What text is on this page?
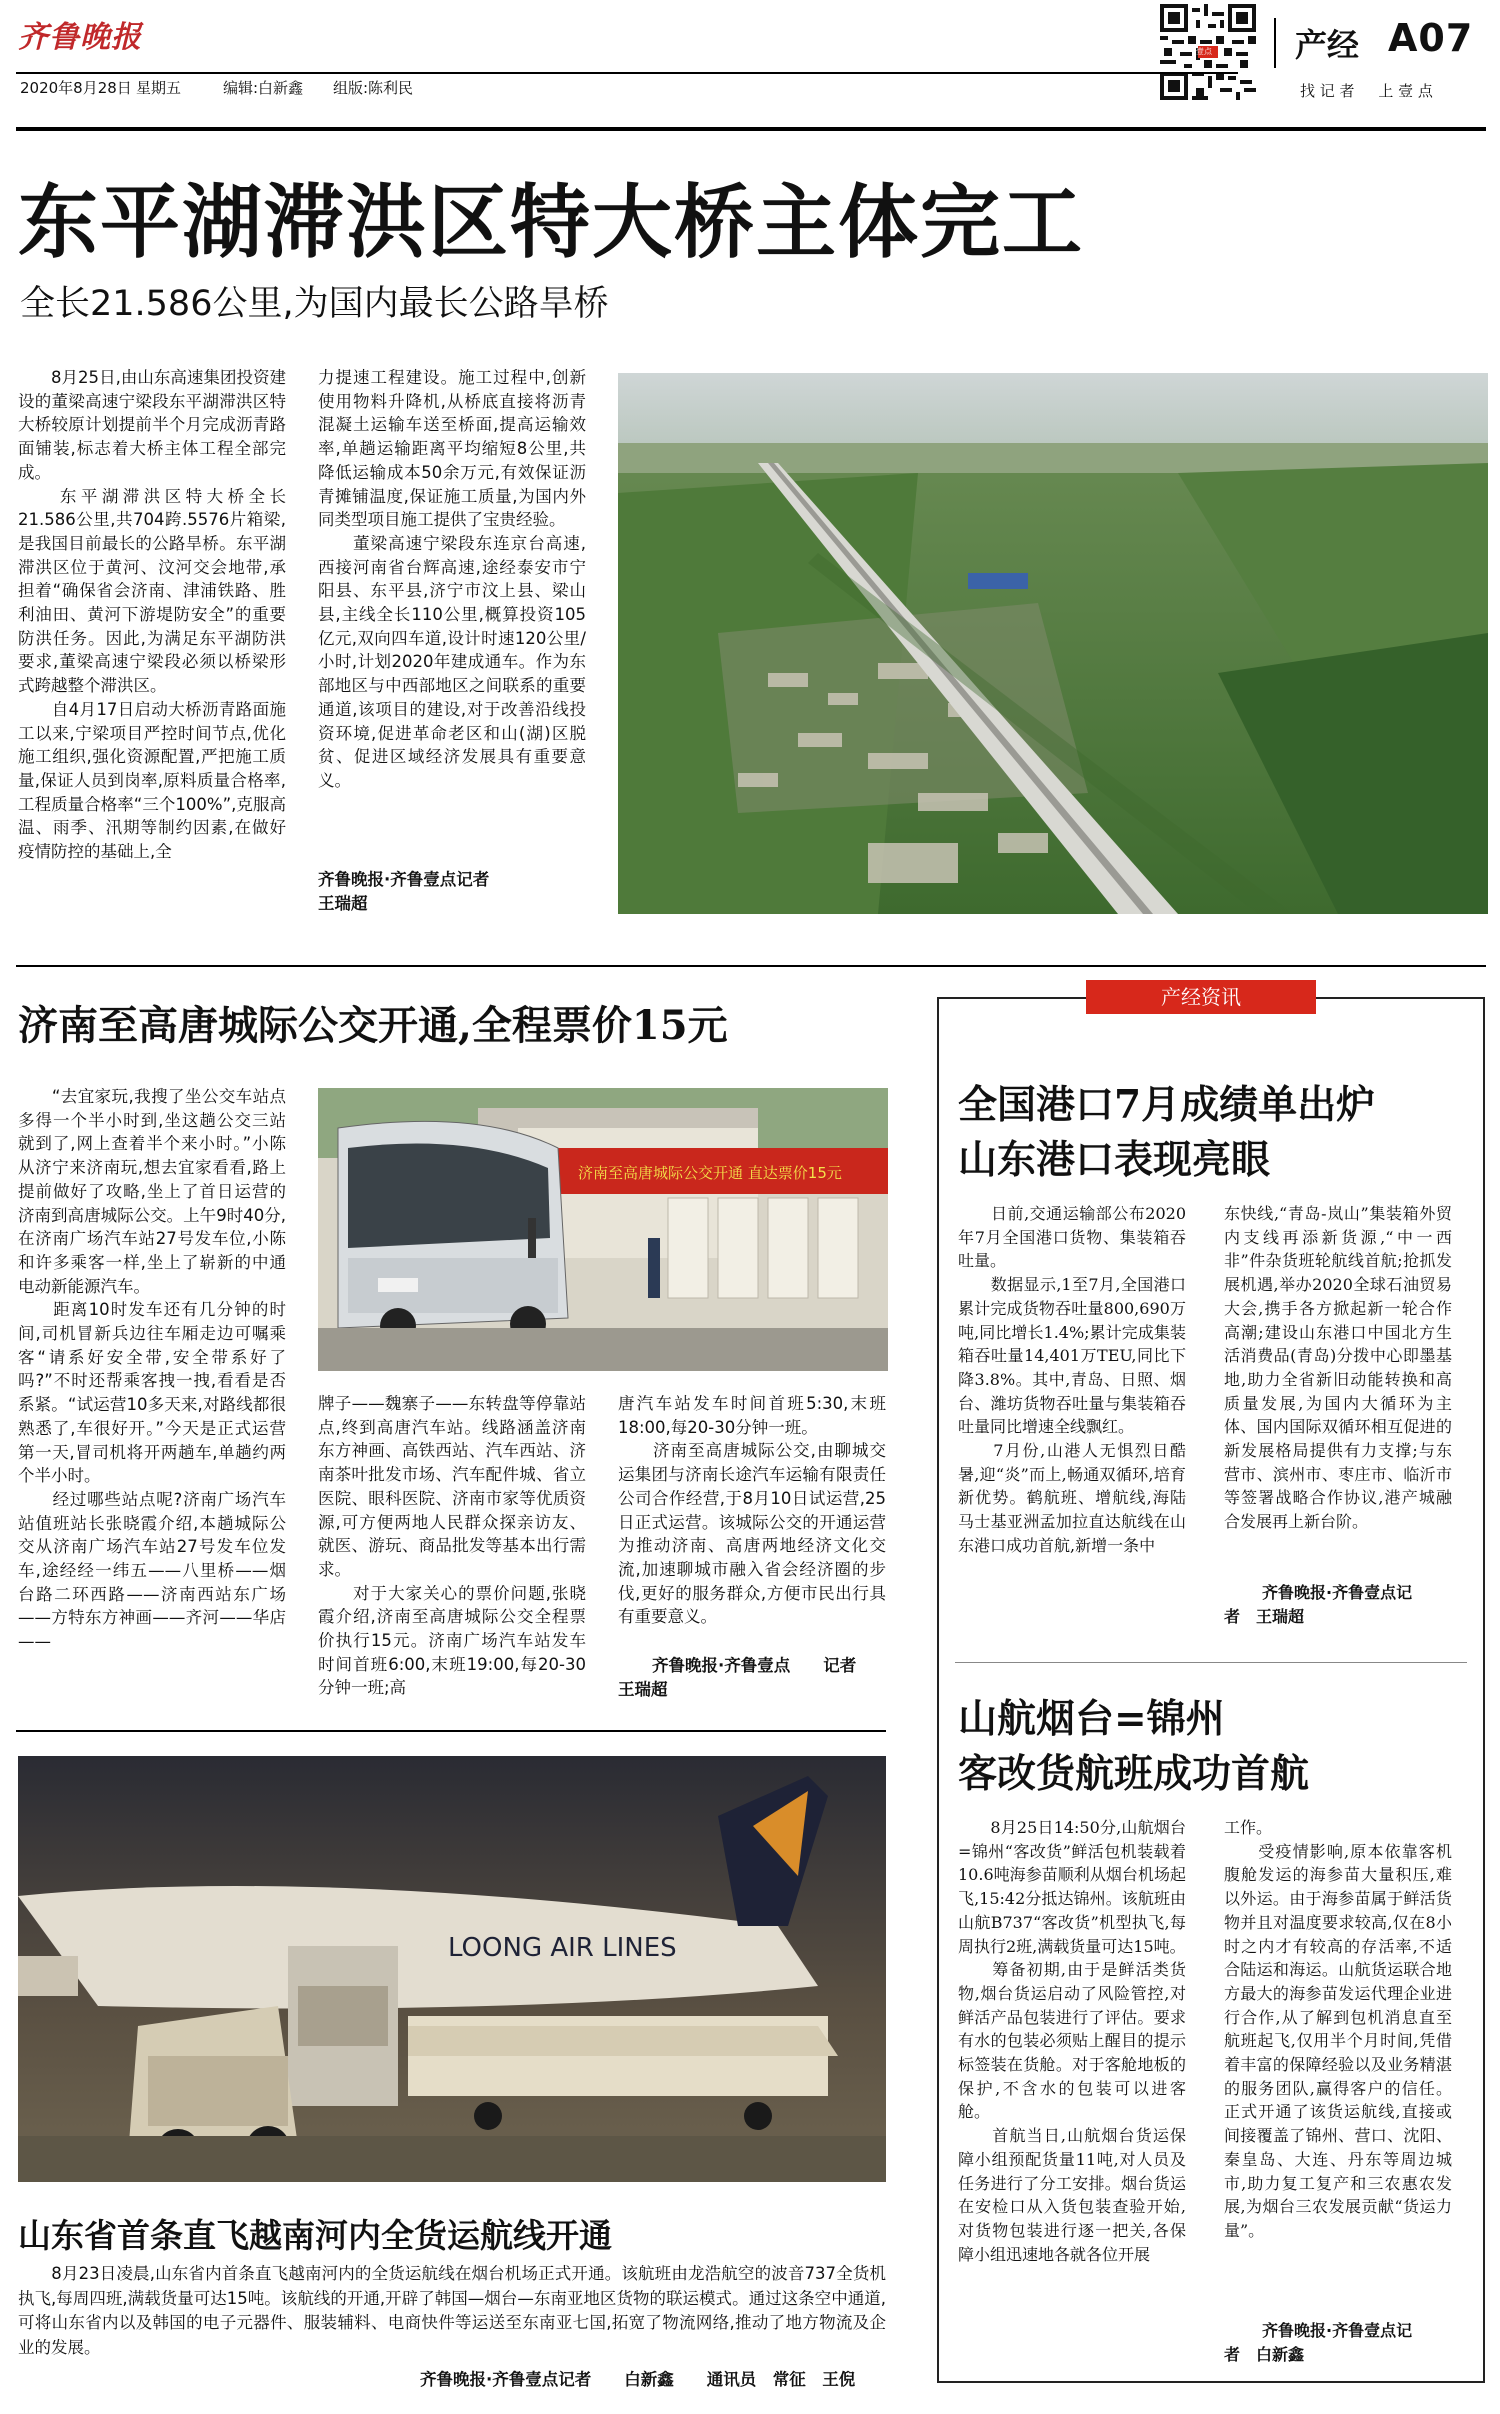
齐鲁晚报
2020年8月28日 星期五	编辑:白新鑫 组版:陈利民
壹点	产经 A07
找 记 者     上 壹 点
东平湖滞洪区特大桥主体完工
全长21.586公里,为国内最长公路旱桥
　　8月25日,由山东高速集团投资建设的董梁高速宁梁段东平湖滞洪区特大桥较原计划提前半个月完成沥青路面铺装,标志着大桥主体工程全部完成。
　　东平湖滞洪区特大桥全长21.586公里,共704跨.5576片箱梁,是我国目前最长的公路旱桥。东平湖滞洪区位于黄河、汶河交会地带,承担着“确保省会济南、津浦铁路、胜利油田、黄河下游堤防安全”的重要防洪任务。因此,为满足东平湖防洪要求,董梁高速宁梁段必须以桥梁形式跨越整个滞洪区。
　　自4月17日启动大桥沥青路面施工以来,宁梁项目严控时间节点,优化施工组织,强化资源配置,严把施工质量,保证人员到岗率,原料质量合格率,工程质量合格率“三个100%”,克服高温、雨季、汛期等制约因素,在做好疫情防控的基础上,全
力提速工程建设。施工过程中,创新使用物料升降机,从桥底直接将沥青混凝土运输车送至桥面,提高运输效率,单趟运输距离平均缩短8公里,共降低运输成本50余万元,有效保证沥青摊铺温度,保证施工质量,为国内外同类型项目施工提供了宝贵经验。
　　董梁高速宁梁段东连京台高速,西接河南省台辉高速,途经泰安市宁阳县、东平县,济宁市汶上县、梁山县,主线全长110公里,概算投资105亿元,双向四车道,设计时速120公里/小时,计划2020年建成通车。作为东部地区与中西部地区之间联系的重要通道,该项目的建设,对于改善沿线投资环境,促进革命老区和山(湖)区脱贫、促进区域经济发展具有重要意义。
齐鲁晚报·齐鲁壹点记者
王瑞超
济南至高唐城际公交开通,全程票价15元
　　“去宜家玩,我搜了坐公交车站点多得一个半小时到,坐这趟公交三站就到了,网上查着半个来小时。”小陈从济宁来济南玩,想去宜家看看,路上提前做好了攻略,坐上了首日运营的济南到高唐城际公交。上午9时40分,在济南广场汽车站27号发车位,小陈和许多乘客一样,坐上了崭新的中通电动新能源汽车。
　　距离10时发车还有几分钟的时间,司机冒新兵边往车厢走边可嘱乘客“请系好安全带,安全带系好了吗?”不时还帮乘客拽一拽,看看是否系紧。“试运营10多天来,对路线都很熟悉了,车很好开。”今天是正式运营第一天,冒司机将开两趟车,单趟约两个半小时。
　　经过哪些站点呢?济南广场汽车站值班站长张晓霞介绍,本趟城际公交从济南广场汽车站27号发车位发车,途经经一纬五——八里桥——烟台路二环西路——济南西站东广场——方特东方神画——齐河——华店——
济南至高唐城际公交开通 直达票价15元
牌子——魏寨子——东转盘等停靠站点,终到高唐汽车站。线路涵盖济南东方神画、高铁西站、汽车西站、济南茶叶批发市场、汽车配件城、省立医院、眼科医院、济南市家等优质资源,可方便两地人民群众探亲访友、就医、游玩、商品批发等基本出行需求。
　　对于大家关心的票价问题,张晓霞介绍,济南至高唐城际公交全程票价执行15元。济南广场汽车站发车时间首班6:00,末班19:00,每20-30分钟一班;高
唐汽车站发车时间首班5:30,末班18:00,每20-30分钟一班。
　　济南至高唐城际公交,由聊城交运集团与济南长途汽车运输有限责任公司合作经营,于8月10日试运营,25日正式运营。该城际公交的开通运营为推动济南、高唐两地经济文化交流,加速聊城市融入省会经济圈的步伐,更好的服务群众,方便市民出行具有重要意义。
齐鲁晚报·齐鲁壹点　　记者
王瑞超
LOONG AIR LINES
山东省首条直飞越南河内全货运航线开通
　　8月23日凌晨,山东省内首条直飞越南河内的全货运航线在烟台机场正式开通。该航班由龙浩航空的波音737全货机执飞,每周四班,满载货量可达15吨。该航线的开通,开辟了韩国—烟台—东南亚地区货物的联运模式。通过这条空中通道,可将山东省内以及韩国的电子元器件、服装辅料、电商快件等运送至东南亚七国,拓宽了物流网络,推动了地方物流及企业的发展。
齐鲁晚报·齐鲁壹点记者　　白新鑫　　通讯员　常征　王倪
产经资讯
全国港口7月成绩单出炉
山东港口表现亮眼
　　日前,交通运输部公布2020年7月全国港口货物、集装箱吞吐量。
　　数据显示,1至7月,全国港口累计完成货物吞吐量800,690万吨,同比增长1.4%;累计完成集装箱吞吐量14,401万TEU,同比下降3.8%。其中,青岛、日照、烟台、潍坊货物吞吐量与集装箱吞吐量同比增速全线飘红。
　　7月份,山港人无惧烈日酷暑,迎“炎”而上,畅通双循环,培育新优势。鹤航班、增航线,海陆马士基亚洲孟加拉直达航线在山东港口成功首航,新增一条中
东快线,“青岛-岚山”集装箱外贸内支线再添新货源,“中一西非”件杂货班轮航线首航;抢抓发展机遇,举办2020全球石油贸易大会,携手各方掀起新一轮合作高潮;建设山东港口中国北方生活消费品(青岛)分拨中心即墨基地,助力全省新旧动能转换和高质量发展,为国内大循环为主体、国内国际双循环相互促进的新发展格局提供有力支撑;与东营市、滨州市、枣庄市、临沂市等签署战略合作协议,港产城融合发展再上新台阶。
齐鲁晚报·齐鲁壹点记
者　王瑞超
山航烟台=锦州
客改货航班成功首航
　　8月25日14:50分,山航烟台=锦州“客改货”鲜活包机装载着10.6吨海参苗顺利从烟台机场起飞,15:42分抵达锦州。该航班由山航B737“客改货”机型执飞,每周执行2班,满载货量可达15吨。
　　筹备初期,由于是鲜活类货物,烟台货运启动了风险管控,对鲜活产品包装进行了评估。要求有水的包装必须贴上醒目的提示标签装在货舱。对于客舱地板的保护,不含水的包装可以进客舱。
　　首航当日,山航烟台货运保障小组预配货量11吨,对人员及任务进行了分工安排。烟台货运在安检口从入货包装查验开始,对货物包装进行逐一把关,各保障小组迅速地各就各位开展
工作。
　　受疫情影响,原本依靠客机腹舱发运的海参苗大量积压,难以外运。由于海参苗属于鲜活货物并且对温度要求较高,仅在8小时之内才有较高的存活率,不适合陆运和海运。山航货运联合地方最大的海参苗发运代理企业进行合作,从了解到包机消息直至航班起飞,仅用半个月时间,凭借着丰富的保障经验以及业务精湛的服务团队,赢得客户的信任。正式开通了该货运航线,直接或间接覆盖了锦州、营口、沈阳、秦皇岛、大连、丹东等周边城市,助力复工复产和三农惠农发展,为烟台三农发展贡献“货运力量”。
齐鲁晚报·齐鲁壹点记
者　白新鑫
